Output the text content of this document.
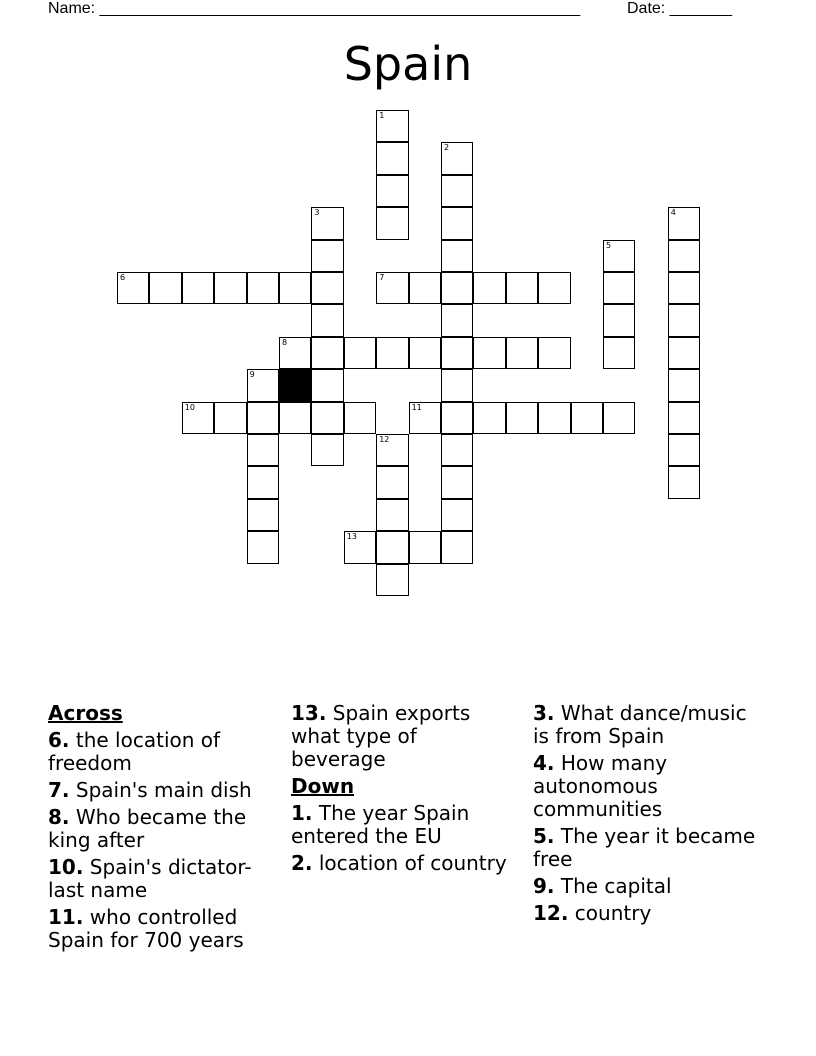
Name: ______________________________________________________	Date: _______
Spain
1
2
3	4
5
6	7
8
9
10	11
12
13
Across
6. the location of freedom
7. Spain's main dish
8. Who became the king after
10. Spain's dictator-last name
11. who controlled Spain for 700 years
13. Spain exports what type of beverage
Down
1. The year Spain entered the EU
2. location of country
3. What dance/music is from Spain
4. How many autonomous communities
5. The year it became free
9. The capital
12. country
